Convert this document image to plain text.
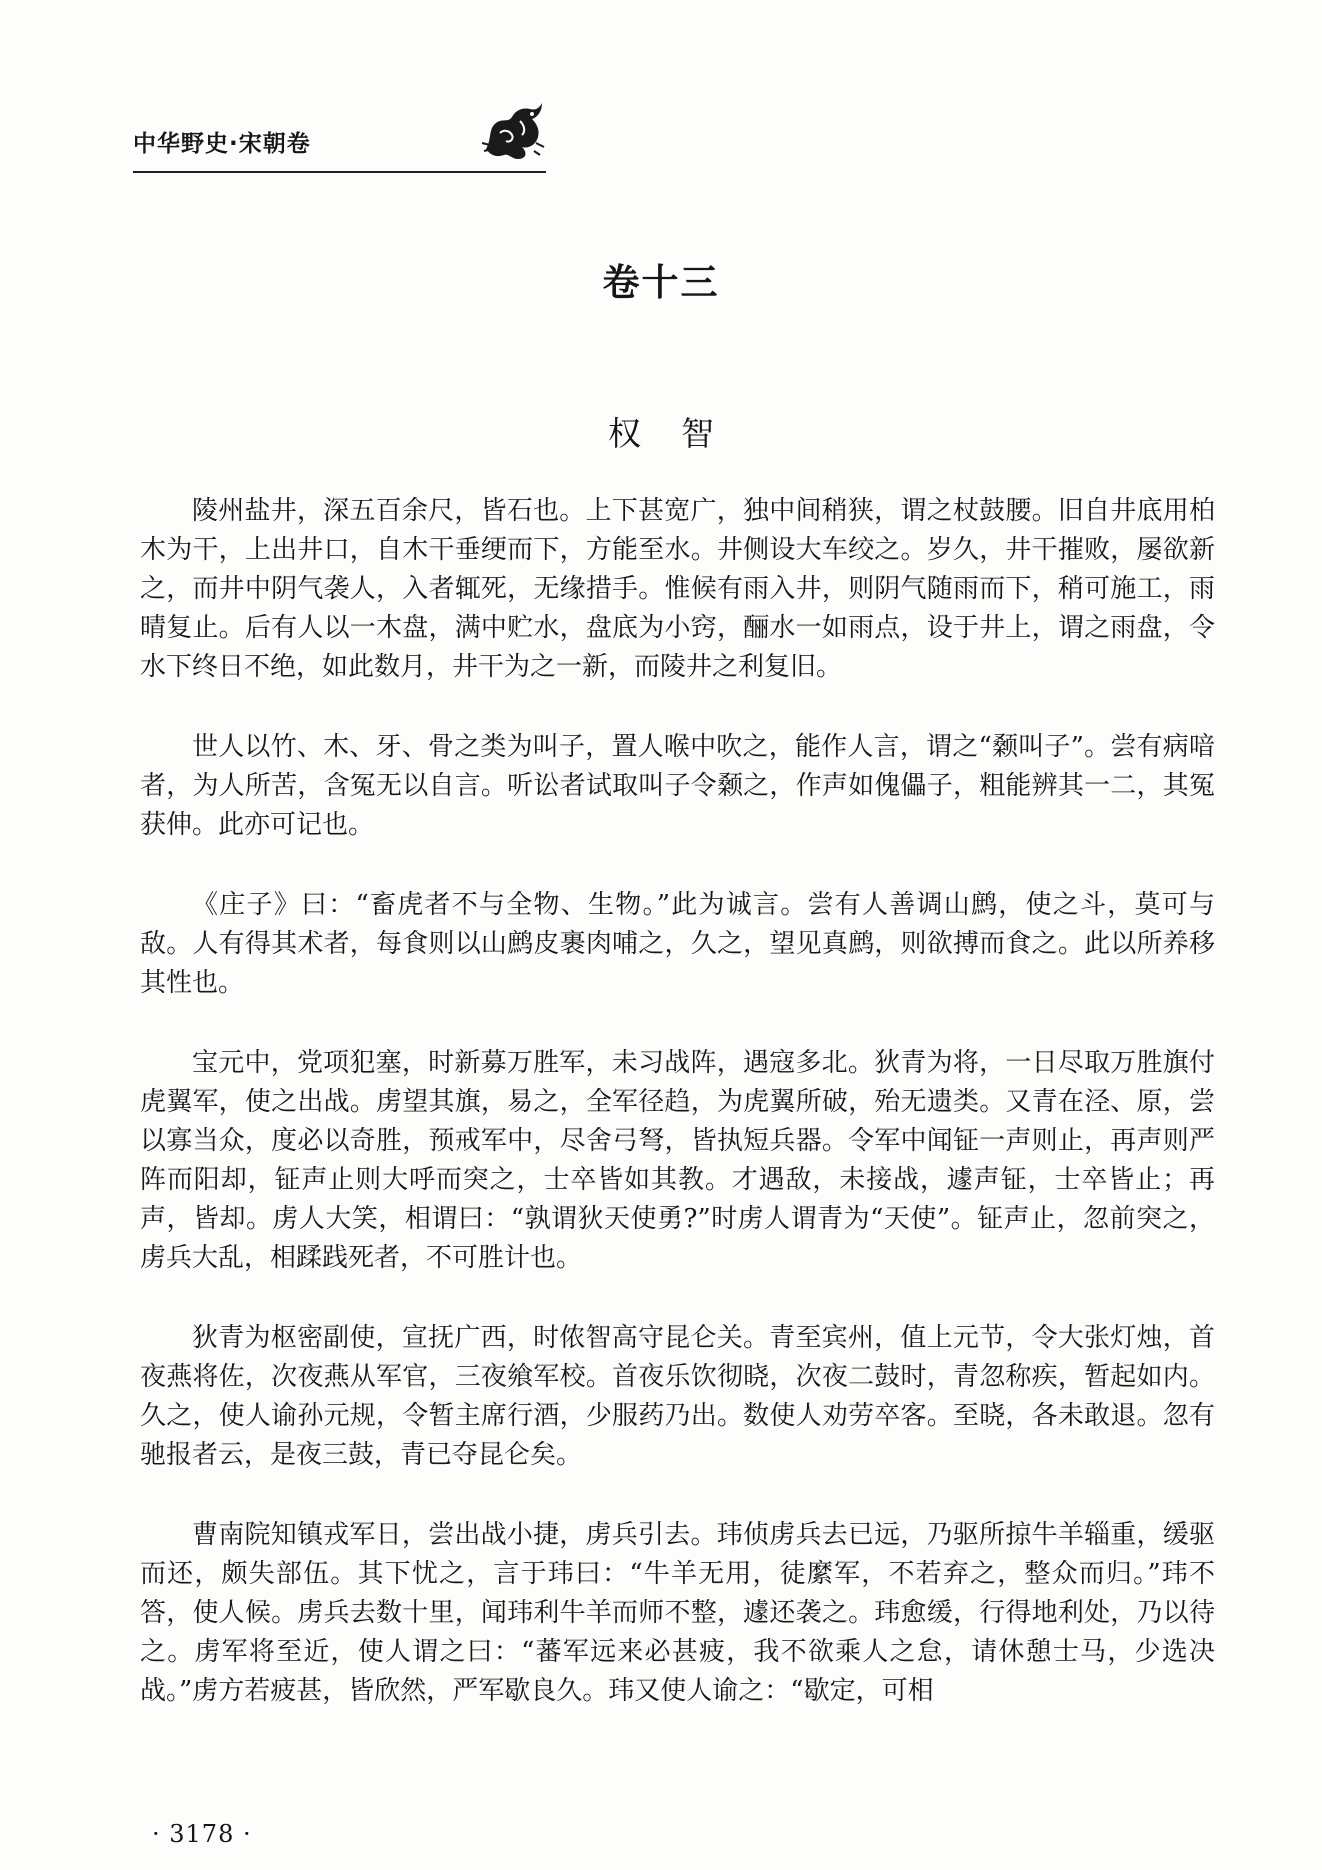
中华野史·宋朝卷
卷十三
权智

陵州盐井，深五百余尺，皆石也。上下甚宽广，独中间稍狭，谓之杖鼓腰。旧自井底用柏木为干，上出井口，自木干垂绠而下，方能至水。井侧设大车绞之。岁久，井干摧败，屡欲新之，而井中阴气袭人，入者辄死，无缘措手。惟候有雨入井，则阴气随雨而下，稍可施工，雨晴复止。后有人以一木盘，满中贮水，盘底为小窍，酾水一如雨点，设于井上，谓之雨盘，令水下终日不绝，如此数月，井干为之一新，而陵井之利复旧。

世人以竹、木、牙、骨之类为叫子，置人喉中吹之，能作人言，谓之“颡叫子”。尝有病喑者，为人所苦，含冤无以自言。听讼者试取叫子令颡之，作声如傀儡子，粗能辨其一二，其冤获伸。此亦可记也。

《庄子》曰：“畜虎者不与全物、生物。”此为诚言。尝有人善调山鹧，使之斗，莫可与敌。人有得其术者，每食则以山鹧皮裹肉哺之，久之，望见真鹧，则欲搏而食之。此以所养移其性也。

宝元中，党项犯塞，时新募万胜军，未习战阵，遇寇多北。狄青为将，一日尽取万胜旗付虎翼军，使之出战。虏望其旗，易之，全军径趋，为虎翼所破，殆无遗类。又青在泾、原，尝以寡当众，度必以奇胜，预戒军中，尽舍弓弩，皆执短兵器。令军中闻钲一声则止，再声则严阵而阳却，钲声止则大呼而突之，士卒皆如其教。才遇敌，未接战，遽声钲，士卒皆止；再声，皆却。虏人大笑，相谓曰：“孰谓狄天使勇?”时虏人谓青为“天使”。钲声止，忽前突之，虏兵大乱，相蹂践死者，不可胜计也。

狄青为枢密副使，宣抚广西，时侬智高守昆仑关。青至宾州，值上元节，令大张灯烛，首夜燕将佐，次夜燕从军官，三夜飨军校。首夜乐饮彻晓，次夜二鼓时，青忽称疾，暂起如内。久之，使人谕孙元规，令暂主席行酒，少服药乃出。数使人劝劳卒客。至晓，各未敢退。忽有驰报者云，是夜三鼓，青已夺昆仑矣。

曹南院知镇戎军日，尝出战小捷，虏兵引去。玮侦虏兵去已远，乃驱所掠牛羊辎重，缓驱而还，颇失部伍。其下忧之，言于玮曰：“牛羊无用，徒縻军，不若弃之，整众而归。”玮不答，使人候。虏兵去数十里，闻玮利牛羊而师不整，遽还袭之。玮愈缓，行得地利处，乃以待之。虏军将至近，使人谓之曰：“蕃军远来必甚疲，我不欲乘人之怠，请休憩士马，少选决战。”虏方若疲甚，皆欣然，严军歇良久。玮又使人谕之：“歇定，可相

· 3178 ·
